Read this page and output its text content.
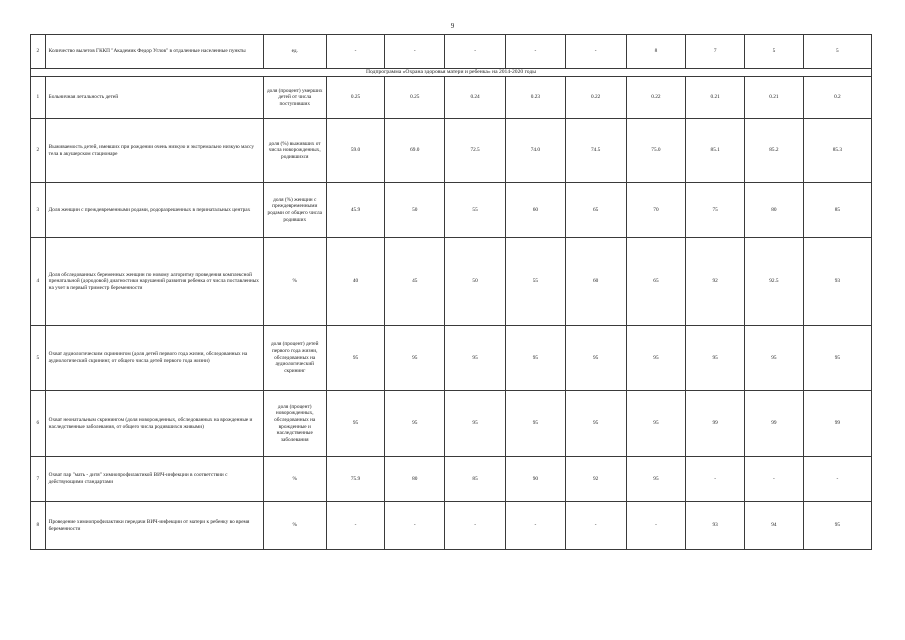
9
2	Количество вылетов ГККП "Академик Федор Углов" в отдаленные населенные пункты	ед.	-	-	-	-	-	8	7	5	5
Подпрограмма «Охрана здоровья матери и ребенка» на 2014-2020 годы											
1	Больничная летальность детей	доля (процент) умерших детей от числа поступивших	0.25	0.25	0.24	0.23	0.22	0.22	0.21	0.21	0.2
2	Выживаемость детей, имевших при рождении очень низкую и экстремально низкую массу тела в акушерском стационаре	доля (%) выживших от числа новорожденных, родившихся	59.0	69.0	72.5	74.0	74.5	75.0	85.1	85.2	85.3
3	Доля женщин с преждевременными родами, родоразрешенных в перинатальных центрах	доля (%) женщин с преждевременными родами от общего числа родивших	45.9	50	55	60	65	70	75	80	85
4	Доля обследованных беременных женщин по новому алгоритму проведения комплексной пренатальной (дородовой) диагностики нарушений развития ребенка от числа поставленных на учет в первый триместр беременности	%	40	45	50	55	60	65	92	92.5	93
5	Охват аудиологическим скринингом (доля детей первого года жизни, обследованных на аудиологический скрининг, от общего числа детей первого года жизни)	доля (процент) детей первого года жизни, обследованных на аудиологический скрининг	95	95	95	95	95	95	95	95	95
6	Охват неонатальным скринингом (доля новорожденных, обследованных на врожденные и наследственные заболевания, от общего числа родившихся живыми)	доля (процент) новорожденных, обследованных на врожденные и наследственные заболевания	95	95	95	95	95	95	99	99	99
7	Охват пар "мать - дитя" химиопрофилактикой ВИЧ-инфекции в соответствии с действующими стандартами	%	75.9	80	85	90	92	95	-	-	-
8	Проведение химиопрофилактики передачи ВИЧ-инфекции от матери к ребенку во время беременности	%	-	-	-	-	-	-	93	94	95
